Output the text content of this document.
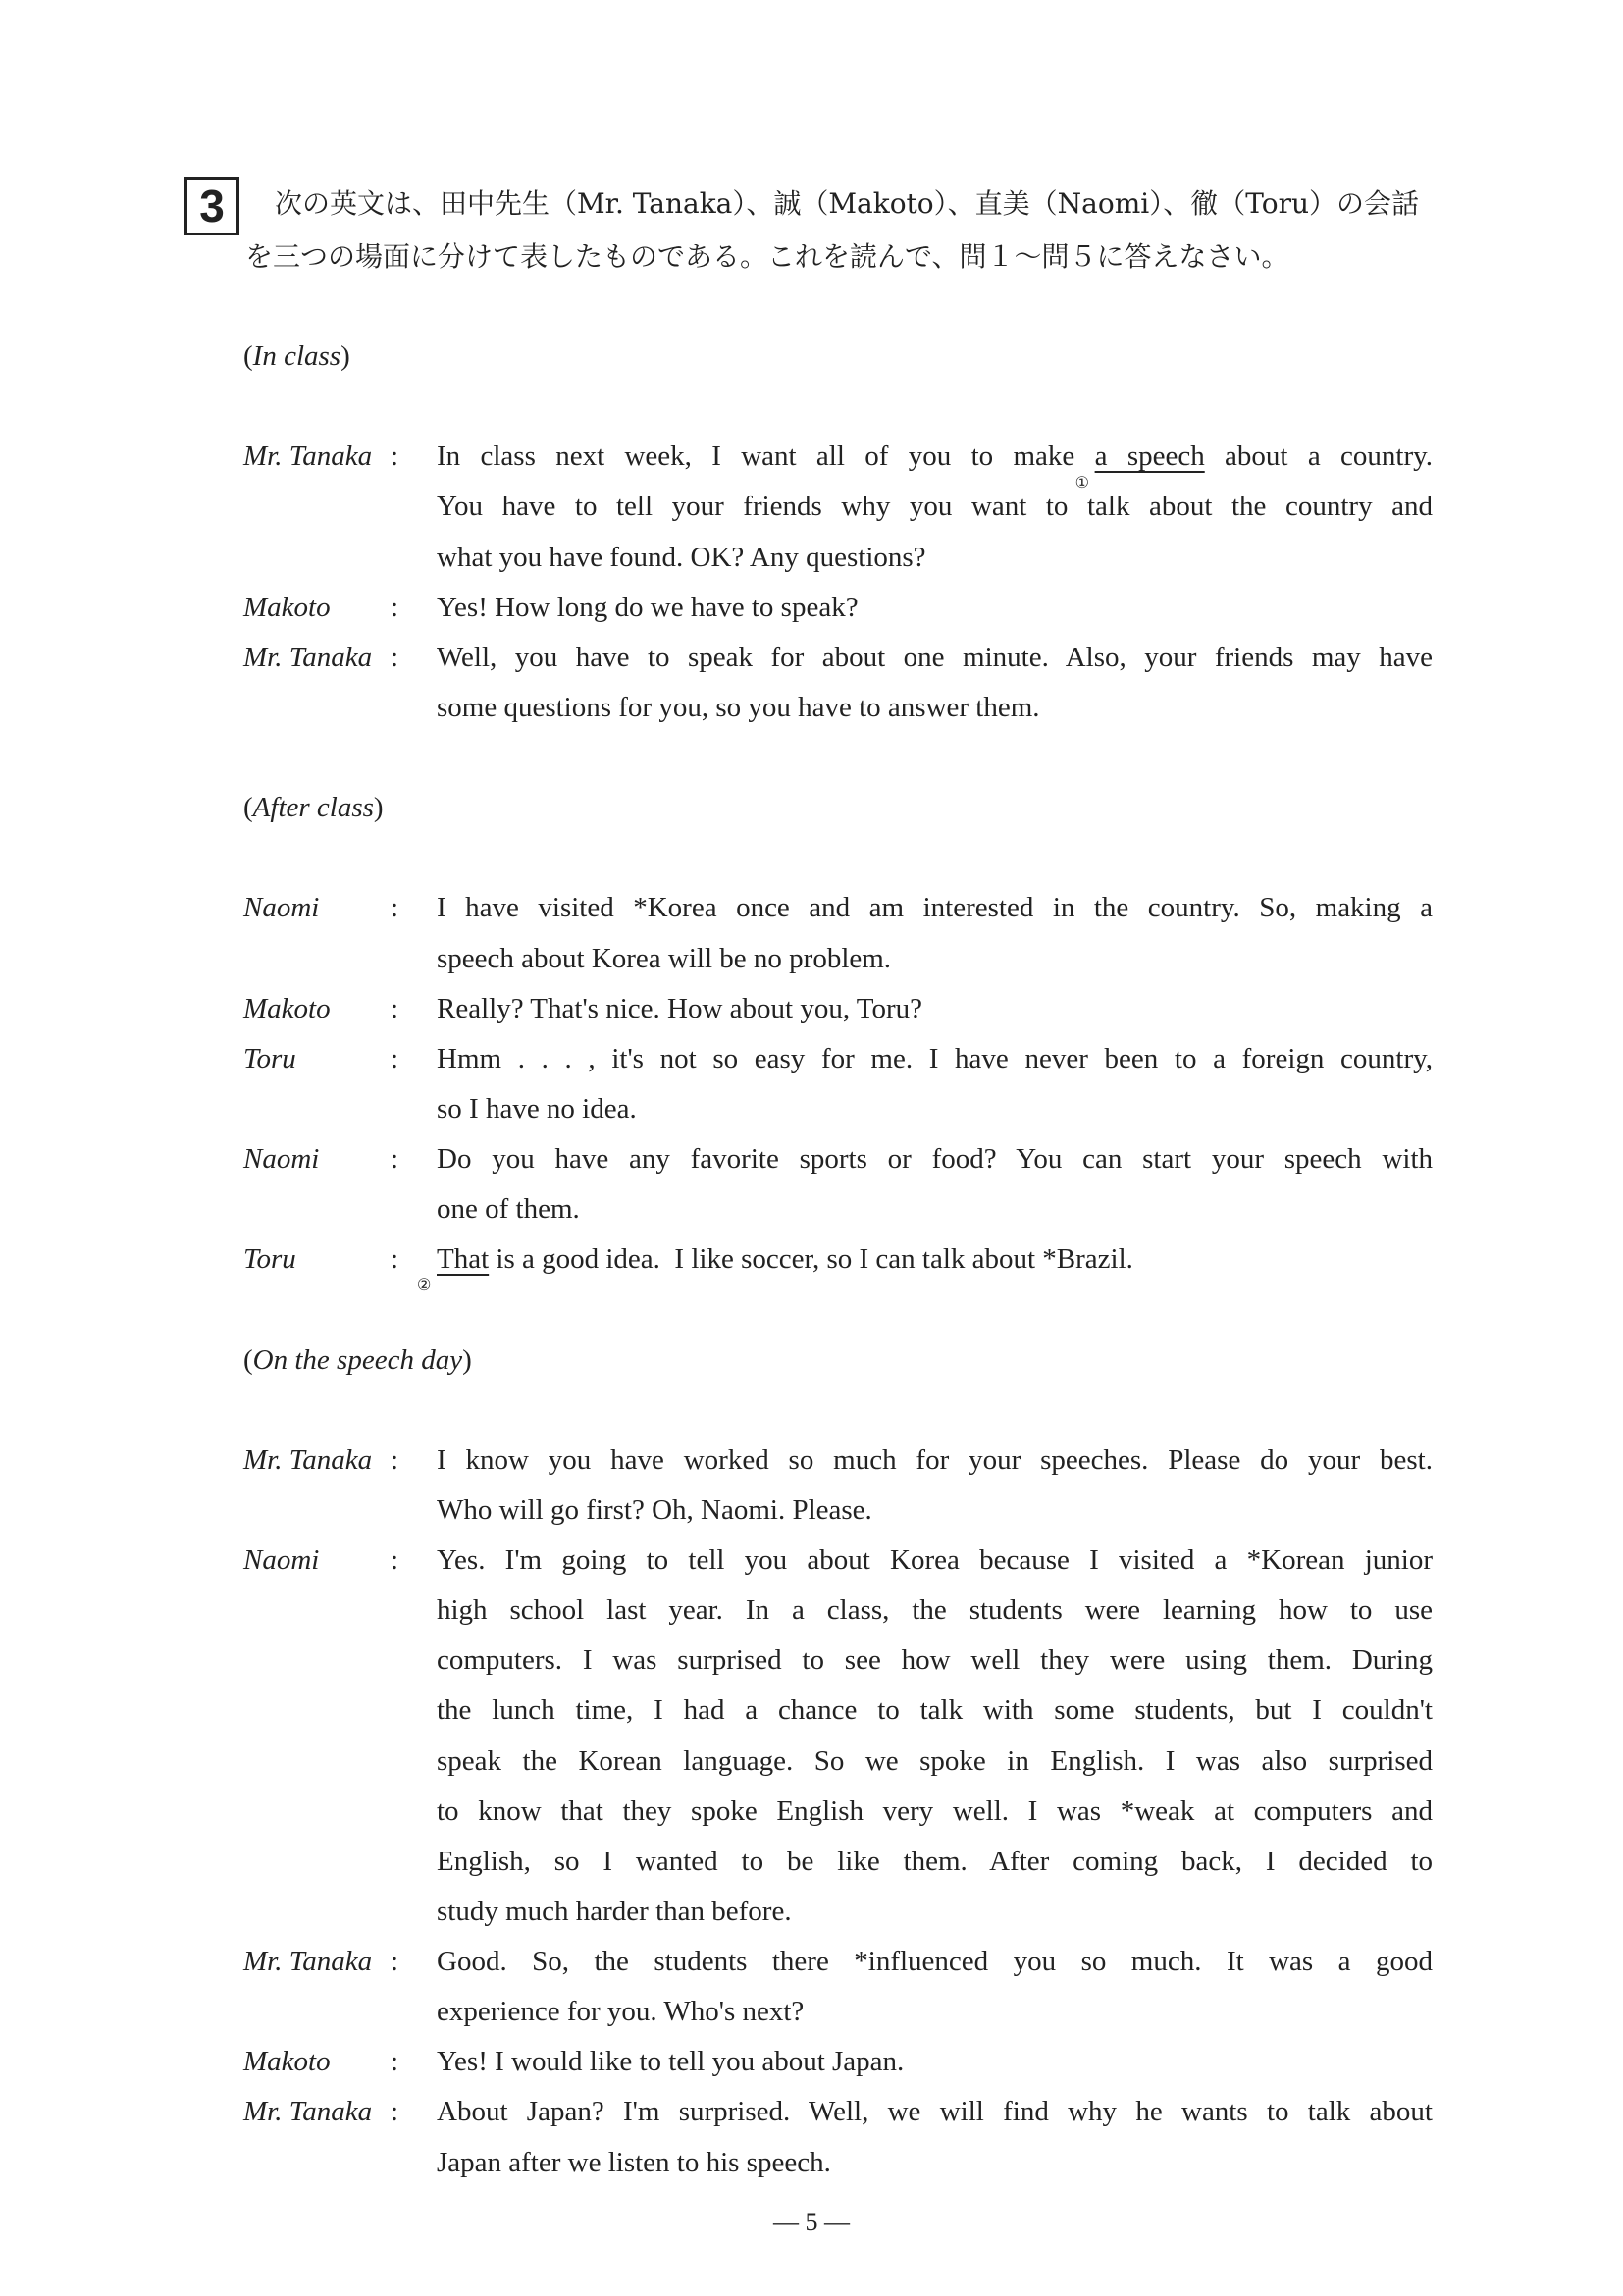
3	次の英文は、田中先生（Mr. Tanaka）、誠（Makoto）、直美（Naomi）、徹（Toru）の会話
を三つの場面に分けて表したものである。これを読んで、問１〜問５に答えなさい。
( In class )
Mr. Tanaka :	In class next week, I want all of you to make a speech
①
about a country.
You have to tell your friends why you want to talk about the country and
what you have found. OK? Any questions?
Makoto	:	Yes! How long do we have to speak?
Mr. Tanaka :	Well, you have to speak for about one minute. Also, your friends may have
some questions for you, so you have to answer them.
( After class )
Naomi	:	I have visited *Korea once and am interested in the country. So, making a
speech about Korea will be no problem.
Makoto	:	Really? That's nice. How about you, Toru?
Toru	:	Hmm . . . , it's not so easy for me. I have never been to a foreign country,
so I have no idea.
Naomi	:	Do you have any favorite sports or food? You can start your speech with
one of them.
Toru	:	That
②
is a good idea.  I like soccer, so I can talk about *Brazil.
( On the speech day )
Mr. Tanaka :	I know you have worked so much for your speeches. Please do your best.
Who will go first? Oh, Naomi. Please.
Naomi	:	Yes. I'm going to tell you about Korea because I visited a *Korean junior
high school last year. In a class, the students were learning how to use
computers. I was surprised to see how well they were using them. During
the lunch time, I had a chance to talk with some students, but I couldn't
speak the Korean language. So we spoke in English. I was also surprised
to know that they spoke English very well. I was *weak at computers and
English, so I wanted to be like them. After coming back, I decided to
study much harder than before.
Mr. Tanaka :	Good. So, the students there *influenced you so much. It was a good
experience for you. Who's next?
Makoto	:	Yes! I would like to tell you about Japan.
Mr. Tanaka :	About Japan? I'm surprised. Well, we will find why he wants to talk about
Japan after we listen to his speech.
— 5 —
